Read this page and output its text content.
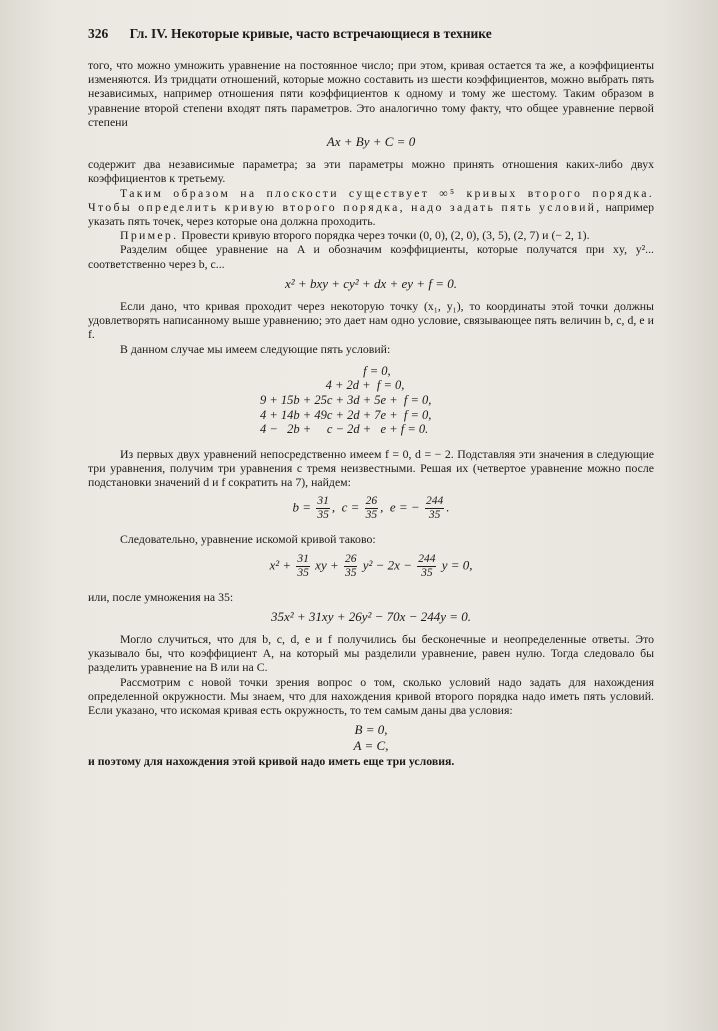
326 Гл. IV. Некоторые кривые, часто встречающиеся в технике

того, что можно умножить уравнение на постоянное число; при этом, кривая остается та же, а коэффициенты изменяются. Из тридцати отношений, которые можно составить из шести коэффициентов, можно выбрать пять независимых, например отношения пяти коэффициентов к одному и тому же шестому. Таким образом в уравнение второй степени входят пять параметров. Это аналогично тому факту, что общее уравнение первой степени

Ax + By + C = 0

содержит два независимые параметра; за эти параметры можно принять отношения каких-либо двух коэффициентов к третьему.

Таким образом на плоскости существует ∞⁵ кривых второго порядка. Чтобы определить кривую второго порядка, надо задать пять условий, например указать пять точек, через которые она должна проходить.

Пример. Провести кривую второго порядка через точки (0, 0), (2, 0), (3, 5), (2, 7) и (− 2, 1).

Разделим общее уравнение на A и обозначим коэффициенты, которые получатся при xy, y²... соответственно через b, c...

x² + bxy + cy² + dx + ey + f = 0.

Если дано, что кривая проходит через некоторую точку (x₁, y₁), то координаты этой точки должны удовлетворять написанному выше уравнению; это дает нам одно условие, связывающее пять величин b, c, d, e и f.

В данном случае мы имеем следующие пять условий:

f = 0,
4 + 2d +  f = 0,
9 + 15b + 25c + 3d + 5e +  f = 0,
4 + 14b + 49c + 2d + 7e +  f = 0,
4 −   2b +     c − 2d +   e + f = 0.

Из первых двух уравнений непосредственно имеем f = 0, d = − 2. Подставляя эти значения в следующие три уравнения, получим три уравнения с тремя неизвестными. Решая их (четвертое уравнение можно после подстановки значений d и f сократить на 7), найдем:

$b = \frac{31}{35}$ ,  $c = \frac{26}{35}$ ,  e = − $\frac{244}{35}$ .

Следовательно, уравнение искомой кривой таково:

$x^2 + \frac{31}{35}$ xy + $\frac{26}{35} y^2 - 2x - \frac{244}{35}$ y = 0,

или, после умножения на 35:

35x² + 31xy + 26y² − 70x − 244y = 0.

Могло случиться, что для b, c, d, e и f получились бы бесконечные и неопределенные ответы. Это указывало бы, что коэффициент A, на который мы разделили уравнение, равен нулю. Тогда следовало бы разделить уравнение на B или на C.

Рассмотрим с новой точки зрения вопрос о том, сколько условий надо задать для нахождения определенной окружности. Мы знаем, что для нахождения кривой второго порядка надо иметь пять условий. Если указано, что искомая кривая есть окружность, то тем самым даны два условия:

B = 0,
A = C,

и поэтому для нахождения этой кривой надо иметь еще три условия.
